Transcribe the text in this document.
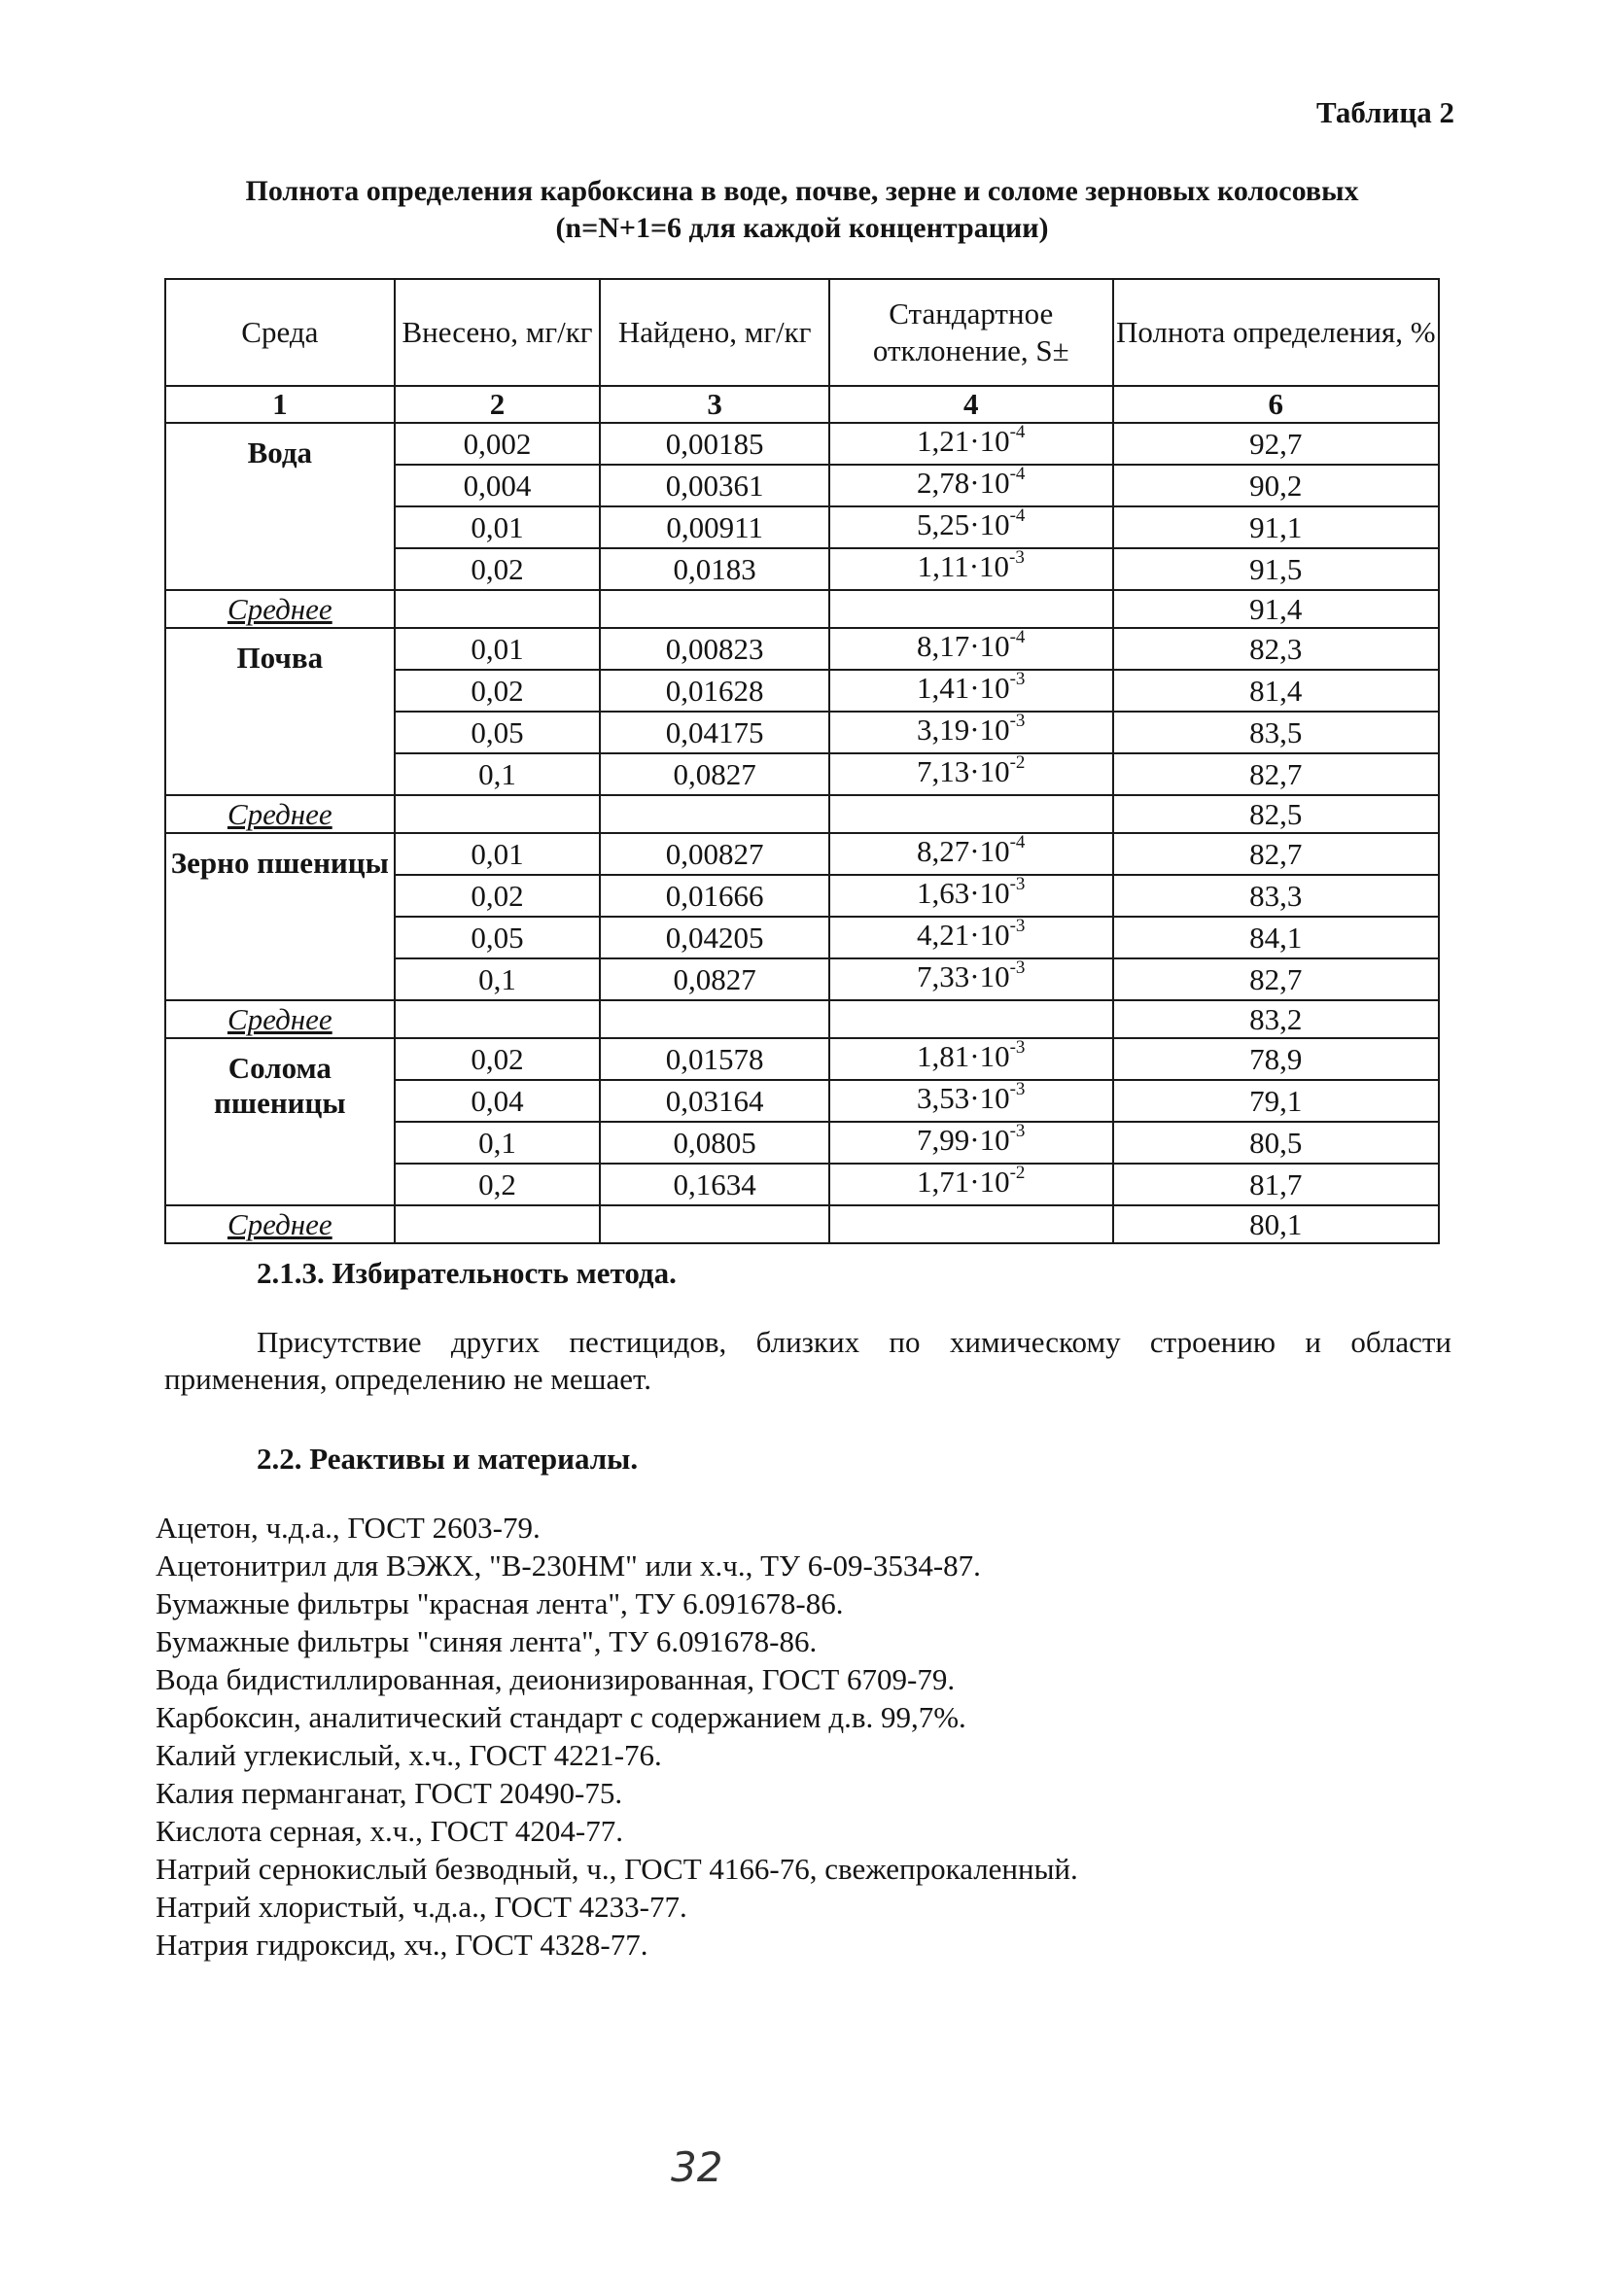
Таблица 2
Полнота определения карбоксина в воде, почве, зерне и соломе зерновых колосовых
(n=N+1=6 для каждой концентрации)
Среда	Внесено, мг/кг	Найдено, мг/кг	Стандартное отклонение, S±	Полнота определения, %
1	2	3	4	6
Вода	0,002	0,00185	$1,21\cdot 10^{-4}$	92,7
	0,004	0,00361	$2,78\cdot 10^{-4}$	90,2
	0,01	0,00911	$5,25\cdot 10^{-4}$	91,1
	0,02	0,0183	$1,11\cdot 10^{-3}$	91,5
Среднее				91,4
Почва	0,01	0,00823	$8,17\cdot 10^{-4}$	82,3
	0,02	0,01628	$1,41\cdot 10^{-3}$	81,4
	0,05	0,04175	$3,19\cdot 10^{-3}$	83,5
	0,1	0,0827	$7,13\cdot 10^{-2}$	82,7
Среднее				82,5
Зерно пшеницы	0,01	0,00827	$8,27\cdot 10^{-4}$	82,7
	0,02	0,01666	$1,63\cdot 10^{-3}$	83,3
	0,05	0,04205	$4,21\cdot 10^{-3}$	84,1
	0,1	0,0827	$7,33\cdot 10^{-3}$	82,7
Среднее				83,2
Солома пшеницы	0,02	0,01578	$1,81\cdot 10^{-3}$	78,9
	0,04	0,03164	$3,53\cdot 10^{-3}$	79,1
	0,1	0,0805	$7,99\cdot 10^{-3}$	80,5
	0,2	0,1634	$1,71\cdot 10^{-2}$	81,7
Среднее				80,1
2.1.3. Избирательность метода.
Присутствие других пестицидов, близких по химическому строению и области
применения, определению не мешает.
2.2. Реактивы и материалы.
Ацетон, ч.д.а., ГОСТ 2603-79.
Ацетонитрил для ВЭЖХ, "В-230НМ" или х.ч., ТУ 6-09-3534-87.
Бумажные фильтры "красная лента", ТУ 6.091678-86.
Бумажные фильтры "синяя лента", ТУ 6.091678-86.
Вода бидистиллированная, деионизированная, ГОСТ 6709-79.
Карбоксин, аналитический стандарт с содержанием д.в. 99,7%.
Калий углекислый, х.ч., ГОСТ 4221-76.
Калия перманганат, ГОСТ 20490-75.
Кислота серная, х.ч., ГОСТ 4204-77.
Натрий сернокислый безводный, ч., ГОСТ 4166-76, свежепрокаленный.
Натрий хлористый, ч.д.а., ГОСТ 4233-77.
Натрия гидроксид, хч., ГОСТ 4328-77.
32
